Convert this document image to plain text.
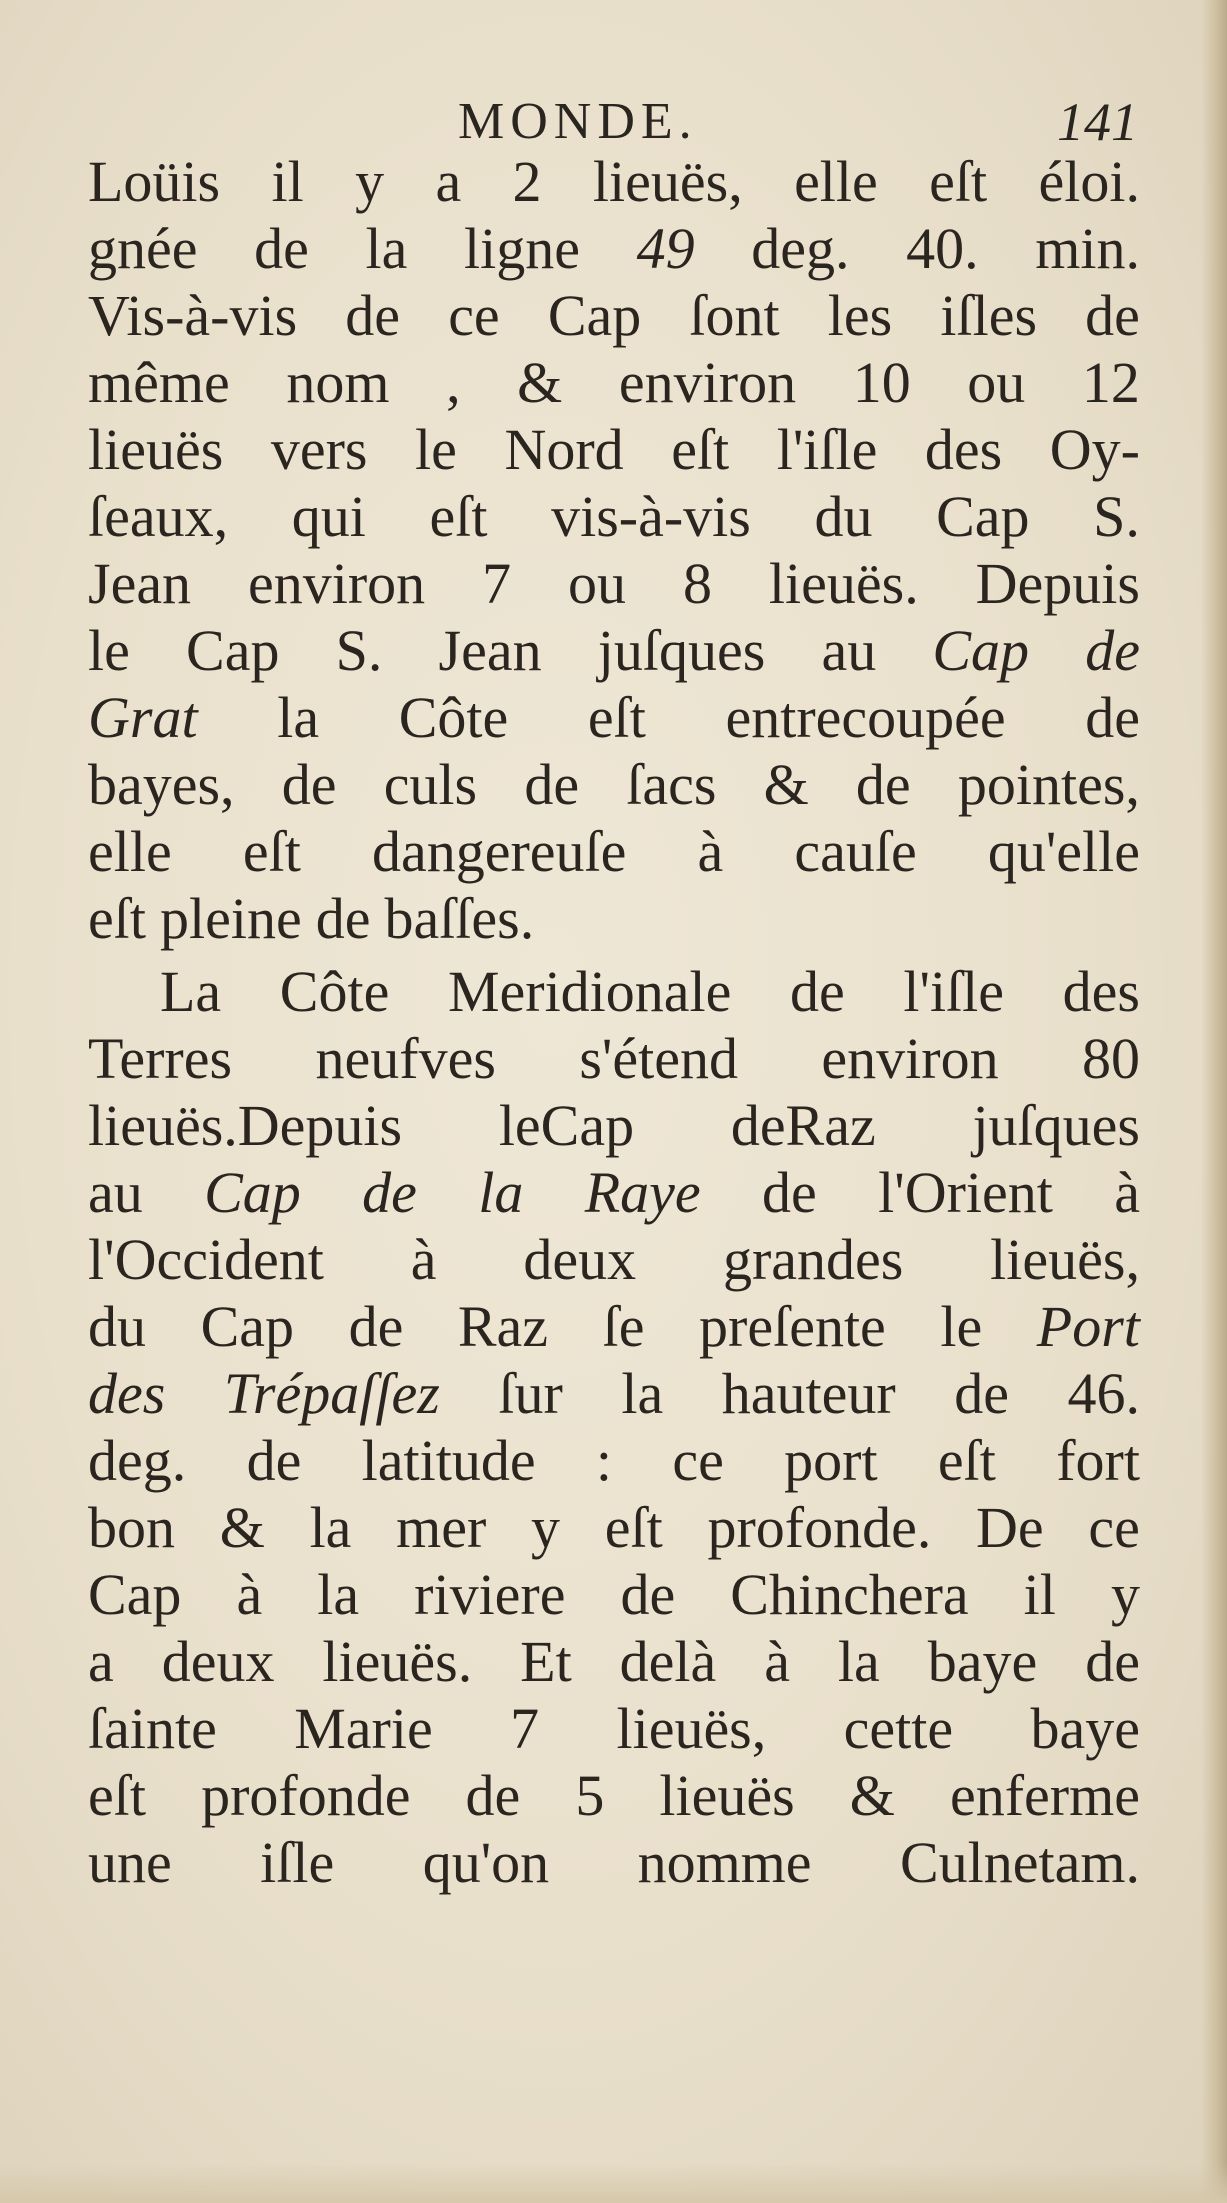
MONDE.	141
Loüis il y a 2 lieuës, elle eſt éloi.
gnée de la ligne 49 deg. 40. min.
Vis-à-vis de ce Cap ſont les iſles de
même nom , & environ 10 ou 12
lieuës vers le Nord eſt l'iſle des Oy-
ſeaux, qui eſt vis-à-vis du Cap S.
Jean environ 7 ou 8 lieuës. Depuis
le Cap S. Jean juſques au Cap de
Grat la Côte eſt entrecoupée de
bayes, de culs de ſacs & de pointes,
elle eſt dangereuſe à cauſe qu'elle
eſt pleine de baſſes.
La Côte Meridionale de l'iſle des
Terres neufves s'étend environ 80
lieuës.Depuis leCap deRaz juſques
au Cap de la Raye de l'Orient à
l'Occident à deux grandes lieuës,
du Cap de Raz ſe preſente le Port
des Trépaſſez ſur la hauteur de 46.
deg. de latitude : ce port eſt fort
bon & la mer y eſt profonde. De ce
Cap à la riviere de Chinchera il y
a deux lieuës. Et delà à la baye de
ſainte Marie 7 lieuës, cette baye
eſt profonde de 5 lieuës & enferme
une iſle qu'on nomme Culnetam.
